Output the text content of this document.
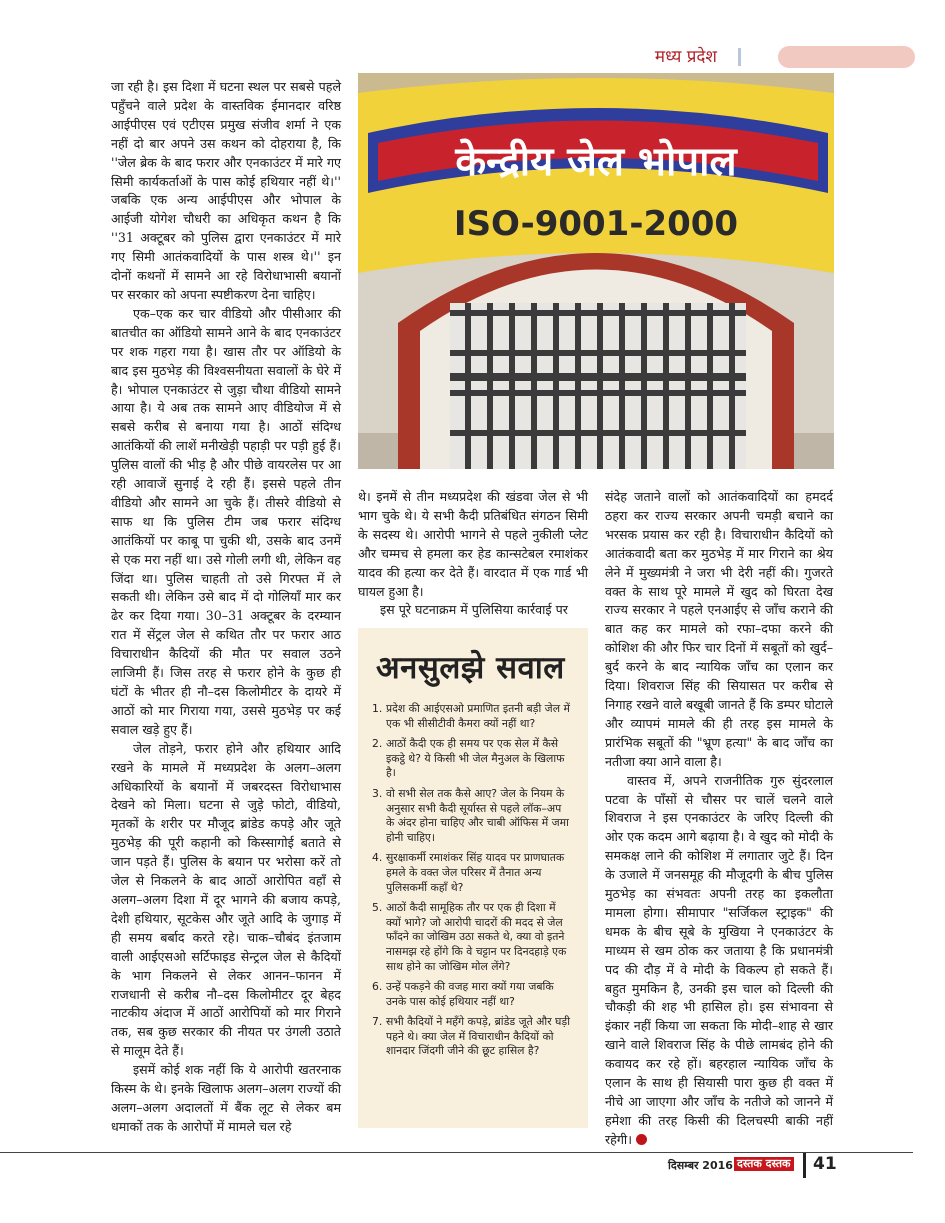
मध्य प्रदेश

जा रही है। इस दिशा में घटना स्थल पर सबसे पहले पहुँचने वाले प्रदेश के वास्तविक ईमानदार वरिष्ठ आईपीएस एवं एटीएस प्रमुख संजीव शर्मा ने एक नहीं दो बार अपने उस कथन को दोहराया है, कि ''जेल ब्रेक के बाद फरार और एनकाउंटर में मारे गए सिमी कार्यकर्ताओं के पास कोई हथियार नहीं थे।'' जबकि एक अन्य आईपीएस और भोपाल के आईजी योगेश चौधरी का अधिकृत कथन है कि ''31 अक्टूबर को पुलिस द्वारा एनकाउंटर में मारे गए सिमी आतंकवादियों के पास शस्त्र थे।'' इन दोनों कथनों में सामने आ रहे विरोधाभासी बयानों पर सरकार को अपना स्पष्टीकरण देना चाहिए।

एक–एक कर चार वीडियो और पीसीआर की बातचीत का ऑडियो सामने आने के बाद एनकाउंटर पर शक गहरा गया है। खास तौर पर ऑडियो के बाद इस मुठभेड़ की विश्वसनीयता सवालों के घेरे में है। भोपाल एनकाउंटर से जुड़ा चौथा वीडियो सामने आया है। ये अब तक सामने आए वीडियोज में से सबसे करीब से बनाया गया है। आठों संदिग्ध आतंकियों की लाशें मनीखेड़ी पहाड़ी पर पड़ी हुई हैं। पुलिस वालों की भीड़ है और पीछे वायरलेस पर आ रही आवाजें सुनाई दे रही हैं। इससे पहले तीन वीडियो और सामने आ चुके हैं। तीसरे वीडियो से साफ था कि पुलिस टीम जब फरार संदिग्ध आतंकियों पर काबू पा चुकी थी, उसके बाद उनमें से एक मरा नहीं था। उसे गोली लगी थी, लेकिन वह जिंदा था। पुलिस चाहती तो उसे गिरफ्त में ले सकती थी। लेकिन उसे बाद में दो गोलियाँ मार कर ढेर कर दिया गया। 30–31 अक्टूबर के दरम्यान रात में सेंट्रल जेल से कथित तौर पर फरार आठ विचाराधीन कैदियों की मौत पर सवाल उठने लाजिमी हैं। जिस तरह से फरार होने के कुछ ही घंटों के भीतर ही नौ–दस किलोमीटर के दायरे में आठों को मार गिराया गया, उससे मुठभेड़ पर कई सवाल खड़े हुए हैं।

जेल तोड़ने, फरार होने और हथियार आदि रखने के मामले में मध्यप्रदेश के अलग–अलग अधिकारियों के बयानों में जबरदस्त विरोधाभास देखने को मिला। घटना से जुड़े फोटो, वीडियो, मृतकों के शरीर पर मौजूद ब्रांडेड कपड़े और जूते मुठभेड़ की पूरी कहानी को किस्सागोई बताते से जान पड़ते हैं। पुलिस के बयान पर भरोसा करें तो जेल से निकलने के बाद आठों आरोपित वहाँ से अलग–अलग दिशा में दूर भागने की बजाय कपड़े, देशी हथियार, सूटकेस और जूते आदि के जुगाड़ में ही समय बर्बाद करते रहे। चाक–चौबंद इंतजाम वाली आईएसओ सर्टिफाइड सेन्ट्रल जेल से कैदियों के भाग निकलने से लेकर आनन–फानन में राजधानी से करीब नौ–दस किलोमीटर दूर बेहद नाटकीय अंदाज में आठों आरोपियों को मार गिराने तक, सब कुछ सरकार की नीयत पर उंगली उठाते से मालूम देते हैं।

इसमें कोई शक नहीं कि ये आरोपी खतरनाक किस्म के थे। इनके खिलाफ अलग–अलग राज्यों की अलग–अलग अदालतों में बैंक लूट से लेकर बम धमाकों तक के आरोपों में मामले चल रहे

केन्द्रीय जेल भोपाल
ISO-9001-2000

थे। इनमें से तीन मध्यप्रदेश की खंडवा जेल से भी भाग चुके थे। ये सभी कैदी प्रतिबंधित संगठन सिमी के सदस्य थे। आरोपी भागने से पहले नुकीली प्लेट और चम्मच से हमला कर हेड कान्सटेबल रमाशंकर यादव की हत्या कर देते हैं। वारदात में एक गार्ड भी घायल हुआ है।

इस पूरे घटनाक्रम में पुलिसिया कार्रवाई पर

अनसुलझे सवाल
1. प्रदेश की आईएसओ प्रमाणित इतनी बड़ी जेल में एक भी सीसीटीवी कैमरा क्यों नहीं था?
2. आठों कैदी एक ही समय पर एक सेल में कैसे इकट्ठे थे? ये किसी भी जेल मैनुअल के खिलाफ है।
3. वो सभी सेल तक कैसे आए? जेल के नियम के अनुसार सभी कैदी सूर्यास्त से पहले लॉक–अप के अंदर होना चाहिए और चाबी ऑफिस में जमा होनी चाहिए।
4. सुरक्षाकर्मी रमाशंकर सिंह यादव पर प्राणघातक हमले के वक्त जेल परिसर में तैनात अन्य पुलिसकर्मी कहाँ थे?
5. आठों कैदी सामूहिक तौर पर एक ही दिशा में क्यों भागे? जो आरोपी चादरों की मदद से जेल फाँदने का जोखिम उठा सकते थे, क्या वो इतने नासमझ रहे होंगे कि वे चट्टान पर दिनदहाड़े एक साथ होने का जोखिम मोल लेंगे?
6. उन्हें पकड़ने की वजह मारा क्यों गया जबकि उनके पास कोई हथियार नहीं था?
7. सभी कैदियों ने महँगे कपड़े, ब्रांडेड जूते और घड़ी पहने थे। क्या जेल में विचाराधीन कैदियों को शानदार जिंदगी जीने की छूट हासिल है?

संदेह जताने वालों को आतंकवादियों का हमदर्द ठहरा कर राज्य सरकार अपनी चमड़ी बचाने का भरसक प्रयास कर रही है। विचाराधीन कैदियों को आतंकवादी बता कर मुठभेड़ में मार गिराने का श्रेय लेने में मुख्यमंत्री ने जरा भी देरी नहीं की। गुजरते वक्त के साथ पूरे मामले में खुद को घिरता देख राज्य सरकार ने पहले एनआईए से जाँच कराने की बात कह कर मामले को रफा–दफा करने की कोशिश की और फिर चार दिनों में सबूतों को खुर्द–बुर्द करने के बाद न्यायिक जाँच का एलान कर दिया। शिवराज सिंह की सियासत पर करीब से निगाह रखने वाले बखूबी जानते हैं कि डम्पर घोटाले और व्यापमं मामले की ही तरह इस मामले के प्रारंभिक सबूतों की "भ्रूण हत्या" के बाद जाँच का नतीजा क्या आने वाला है।

वास्तव में, अपने राजनीतिक गुरु सुंदरलाल पटवा के पाँसों से चौसर पर चालें चलने वाले शिवराज ने इस एनकाउंटर के जरिए दिल्ली की ओर एक कदम आगे बढ़ाया है। वे खुद को मोदी के समकक्ष लाने की कोशिश में लगातार जुटे हैं। दिन के उजाले में जनसमूह की मौजूदगी के बीच पुलिस मुठभेड़ का संभवतः अपनी तरह का इकलौता मामला होगा। सीमापार "सर्जिकल स्ट्राइक" की धमक के बीच सूबे के मुखिया ने एनकाउंटर के माध्यम से खम ठोक कर जताया है कि प्रधानमंत्री पद की दौड़ में वे मोदी के विकल्प हो सकते हैं। बहुत मुमकिन है, उनकी इस चाल को दिल्ली की चौकड़ी की शह भी हासिल हो। इस संभावना से इंकार नहीं किया जा सकता कि मोदी–शाह से खार खाने वाले शिवराज सिंह के पीछे लामबंद होने की कवायद कर रहे हों। बहरहाल न्यायिक जाँच के एलान के साथ ही सियासी पारा कुछ ही वक्त में नीचे आ जाएगा और जाँच के नतीजे को जानने में हमेशा की तरह किसी की दिलचस्पी बाकी नहीं रहेगी।

दिसम्बर 2016 दस्तक दस्तक 41
